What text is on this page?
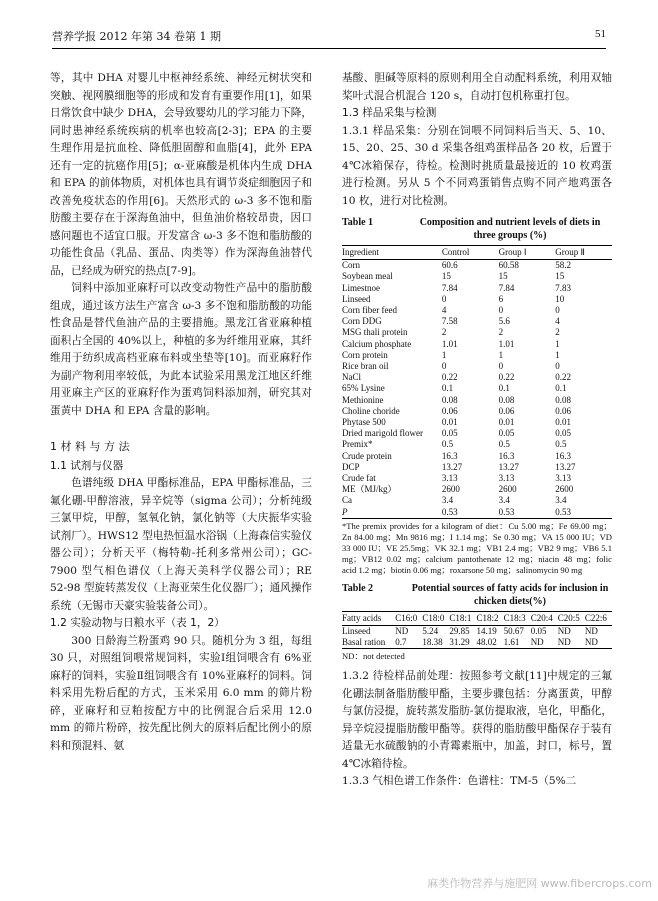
营养学报 2012 年第 34 卷第 1 期	51

等，其中 DHA 对婴儿中枢神经系统、神经元树状突和突触、视网膜细胞等的形成和发育有重要作用[1]，如果日常饮食中缺少 DHA，会导致婴幼儿的学习能力下降，同时患神经系统疾病的机率也较高[2-3]；EPA 的主要生理作用是抗血栓、降低胆固醇和血脂[4]，此外 EPA 还有一定的抗癌作用[5]；α-亚麻酸是机体内生成 DHA 和 EPA 的前体物质，对机体也具有调节炎症细胞因子和改善免疫状态的作用[6]。天然形式的 ω-3 多不饱和脂肪酸主要存在于深海鱼油中，但鱼油价格较昂贵，因口感问题也不适宜口服。开发富含 ω-3 多不饱和脂肪酸的功能性食品（乳品、蛋品、肉类等）作为深海鱼油替代品，已经成为研究的热点[7-9]。

饲料中添加亚麻籽可以改变动物性产品中的脂肪酸组成，通过该方法生产富含 ω-3 多不饱和脂肪酸的功能性食品是替代鱼油产品的主要措施。黑龙江省亚麻种植面积占全国的 40%以上，种植的多为纤维用亚麻，其纤维用于纺织成高档亚麻布料或坐垫等[10]。而亚麻籽作为副产物利用率较低，为此本试验采用黑龙江地区纤维用亚麻主产区的亚麻籽作为蛋鸡饲料添加剂，研究其对蛋黄中 DHA 和 EPA 含量的影响。

1 材 料 与 方 法
1.1 试剂与仪器

色谱纯级 DHA 甲酯标准品，EPA 甲酯标准品，三氟化硼-甲醇溶液，异辛烷等（sigma 公司）；分析纯级三氯甲烷，甲醇，氢氧化钠，氯化钠等（大庆振华实验试剂厂）。HWS12 型电热恒温水浴锅（上海森信实验仪器公司）；分析天平（梅特勒-托利多常州公司）；GC-7900 型气相色谱仪（上海天美科学仪器公司）；RE 52-98 型旋转蒸发仪（上海亚荣生化仪器厂）；通风操作系统（无锡市天豪实验装备公司）。

1.2 实验动物与日粮水平（表 1，2）

300 日龄海兰粉蛋鸡 90 只。随机分为 3 组，每组 30 只，对照组饲喂常规饲料，实验Ⅰ组饲喂含有 6%亚麻籽的饲料，实验Ⅱ组饲喂含有 10%亚麻籽的饲料。饲料采用先粉后配的方式，玉米采用 6.0 mm 的筛片粉碎，亚麻籽和豆粕按配方中的比例混合后采用 12.0 mm 的筛片粉碎，按先配比例大的原料后配比例小的原料和预混料、氨

基酸、胆碱等原料的原则利用全自动配料系统，利用双轴桨叶式混合机混合 120 s，自动打包机称重打包。

1.3 样品采集与检测

1.3.1 样品采集：分别在饲喂不同饲料后当天、5、10、15、20、25、30 d 采集各组鸡蛋样品各 20 枚，后置于 4℃冰箱保存，待检。检测时挑质量最接近的 10 枚鸡蛋进行检测。另从 5 个不同鸡蛋销售点购不同产地鸡蛋各 10 枚，进行对比检测。

Table 1	Composition and nutrient levels of diets in three groups (%)
Ingredient	Control	Group Ⅰ	Group Ⅱ
Corn	60.6	60.58	58.2
Soybean meal	15	15	15
Limestnoe	7.84	7.84	7.83
Linseed	0	6	10
Corn fiber feed	4	0	0
Corn DDG	7.58	5.6	4
MSG thali protein	2	2	2
Calcium phosphate	1.01	1.01	1
Corn protein	1	1	1
Rice bran oil	0	0	0
NaCl	0.22	0.22	0.22
65% Lysine	0.1	0.1	0.1
Methionine	0.08	0.08	0.08
Choline choride	0.06	0.06	0.06
Phytase 500	0.01	0.01	0.01
Dried marigold flower	0.05	0.05	0.05
Premix*	0.5	0.5	0.5
Crude protein	16.3	16.3	16.3
DCP	13.27	13.27	13.27
Crude fat	3.13	3.13	3.13
ME（MJ/kg）	2600	2600	2600
Ca	3.4	3.4	3.4
P	0.53	0.53	0.53
*The premix provides for a kilogram of diet：Cu 5.00 mg；Fe 69.00 mg；Zn 84.00 mg；Mn 9816 mg；I 1.14 mg；Se 0.30 mg；VA 15 000 IU；VD 33 000 IU；VE 25.5mg；VK 32.1 mg；VB1 2.4 mg；VB2 9 mg；VB6 5.1 mg；VB12 0.02 mg；calcium pantothenate 12 mg；niacin 48 mg；folic acid 1.2 mg；biotin 0.06 mg；roxarsone 50 mg；salinomycin 90 mg
Table 2	Potential sources of fatty acids for inclusion in chicken diets(%)
Fatty acids	C16:0	C18:0	C18:1	C18:2	C18:3	C20:4	C20:5	C22:6
Linseed	ND	5.24	29.85	14.19	50.67	0.05	ND	ND
Basal ration	0.7	18.38	31.29	48.02	1.61	ND	ND	ND
ND：not detected

1.3.2 待检样品前处理：按照参考文献[11]中规定的三氟化硼法制备脂肪酸甲酯，主要步骤包括：分离蛋黄，甲醇与氯仿浸提，旋转蒸发脂肪-氯仿提取液，皂化，甲酯化，异辛烷浸提脂肪酸甲酯等。获得的脂肪酸甲酯保存于装有适量无水硫酸钠的小青霉素瓶中，加盖，封口，标号，置 4℃冰箱待检。

1.3.3 气相色谱工作条件：色谱柱：TM-5（5%二

麻类作物营养与施肥网 www.fibercrops.com
